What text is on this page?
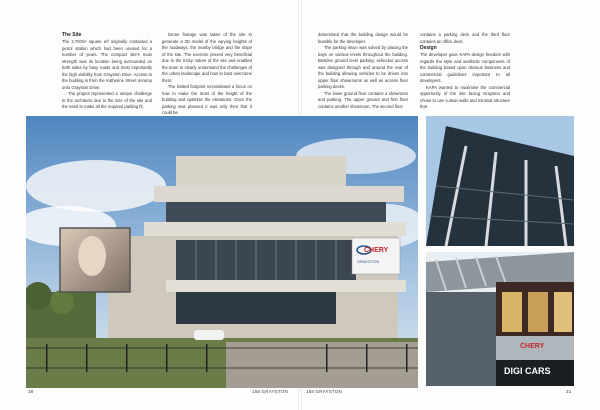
The Site

The 2,700m² square erf originally contained a petrol station which had been unused for a number of years. The compact site's main strength was its location being surrounded on both sides by busy roads and most importantly the high visibility from Grayston Drive. Access to the building is from the Katherine Street onramp onto Grayston Drive.

The project represented a unique challenge to the architects due to the size of the site and the need to make all the required parking fit.

Drone footage was taken of the site to generate a 3D model of the varying heights of the roadways, the nearby bridge and the slope of the site. The exercise proved very beneficial due to the tricky nature of the site and enabled the team to clearly understand the challenges of the urban landscape and how to best overcome them.

The limited footprint necessitated a focus on how to make the most of the height of the building and optimise the elevations. Once the parking was planned it was only then that it could be

determined that the building design would be feasible for the developer.

The parking issue was solved by placing the bays on various levels throughout the building. Besides ground level parking, vehicular access was designed through and around the rear of the building allowing vehicles to be driven into upper floor showrooms as well as access floor parking decks.

The lower ground floor contains a showroom and parking. The upper ground and first floor contains another showroom. The second floor

contains a parking deck and the third floor contains an office deck.

Design

The developer gave KAPA design freedom with regards the style and aesthetic components of the building based upon obvious business and commercial guidelines important to all developers.

KAPA wanted to maximise the commercial opportunity of the site facing Grayston and chose to use curtain walls and minimal structure that

CHERY
GRAYSTON
CHERY
DIGI CARS
38	158 GRAYSTON	158 GRAYSTON	31
